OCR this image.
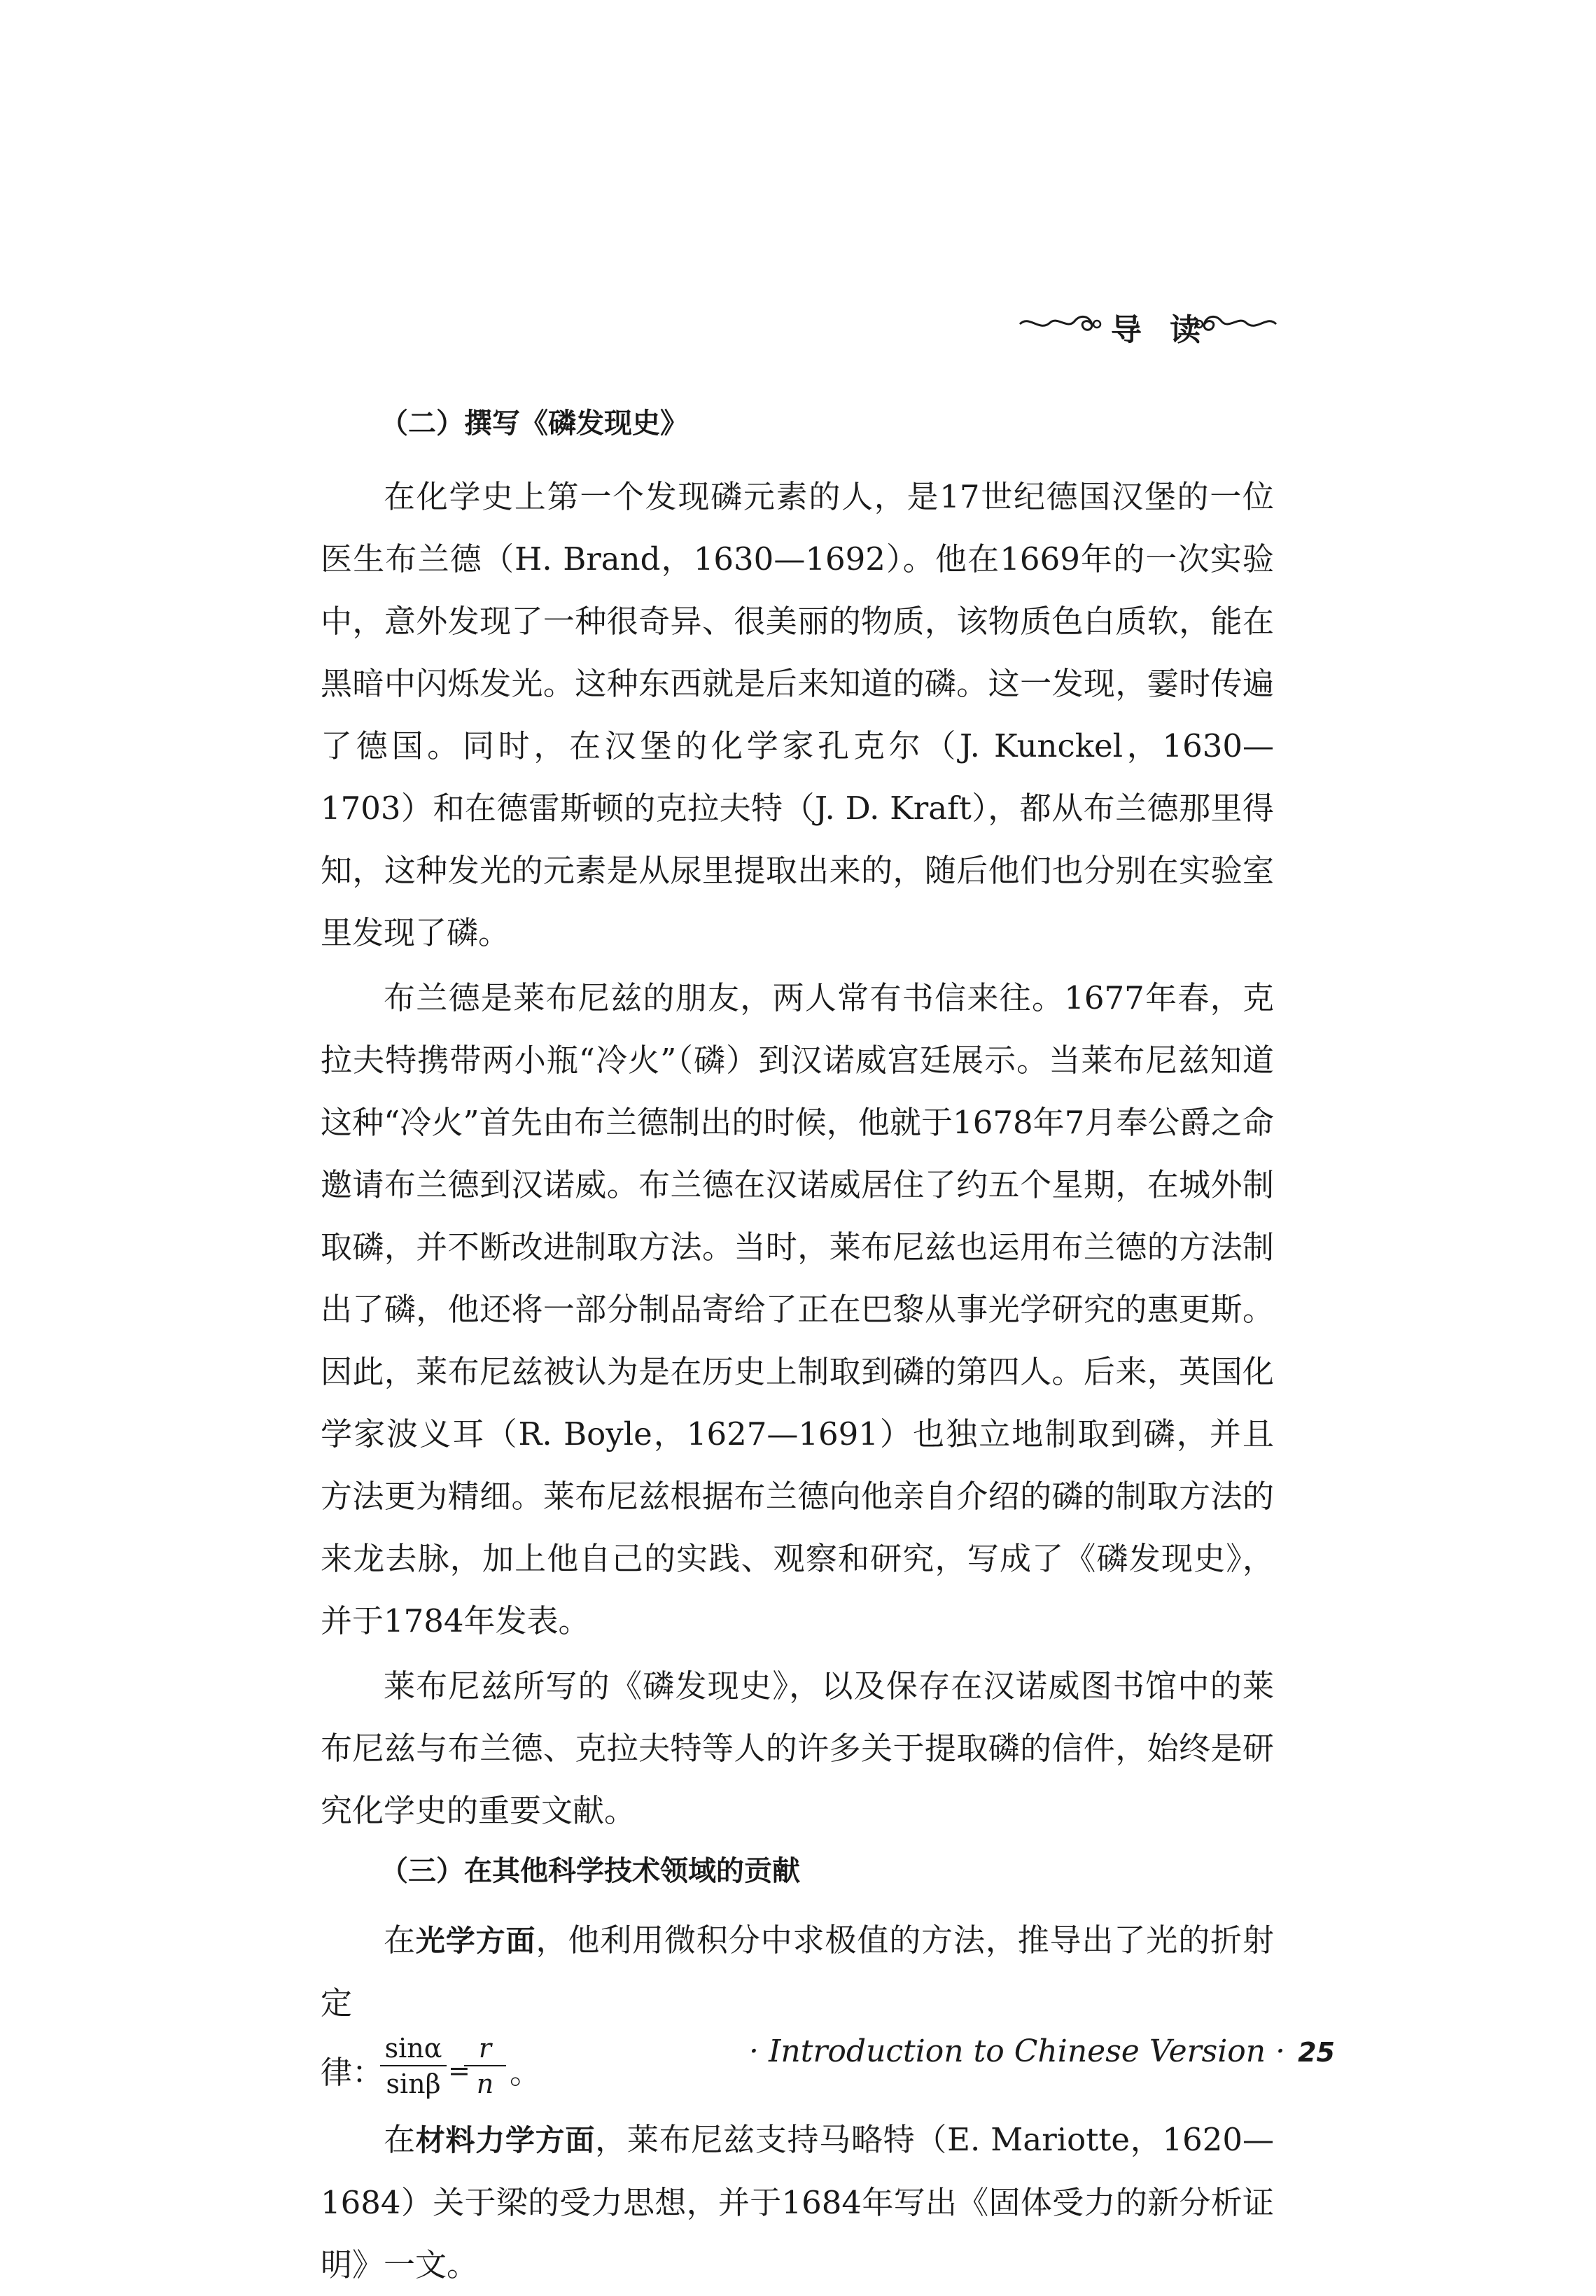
导读
（二）撰写《磷发现史》

在化学史上第一个发现磷元素的人，是17世纪德国汉堡的一位医生布兰德（H. Brand，1630—1692）。他在1669年的一次实验中，意外发现了一种很奇异、很美丽的物质，该物质色白质软，能在黑暗中闪烁发光。这种东西就是后来知道的磷。这一发现，霎时传遍了德国。同时，在汉堡的化学家孔克尔（J. Kunckel，1630—1703）和在德雷斯顿的克拉夫特（J. D. Kraft），都从布兰德那里得知，这种发光的元素是从尿里提取出来的，随后他们也分别在实验室里发现了磷。

布兰德是莱布尼兹的朋友，两人常有书信来往。1677年春，克拉夫特携带两小瓶“冷火”（磷）到汉诺威宫廷展示。当莱布尼兹知道这种“冷火”首先由布兰德制出的时候，他就于1678年7月奉公爵之命邀请布兰德到汉诺威。布兰德在汉诺威居住了约五个星期，在城外制取磷，并不断改进制取方法。当时，莱布尼兹也运用布兰德的方法制出了磷，他还将一部分制品寄给了正在巴黎从事光学研究的惠更斯。因此，莱布尼兹被认为是在历史上制取到磷的第四人。后来，英国化学家波义耳（R. Boyle，1627—1691）也独立地制取到磷，并且方法更为精细。莱布尼兹根据布兰德向他亲自介绍的磷的制取方法的来龙去脉，加上他自己的实践、观察和研究，写成了《磷发现史》，并于1784年发表。

莱布尼兹所写的《磷发现史》，以及保存在汉诺威图书馆中的莱布尼兹与布兰德、克拉夫特等人的许多关于提取磷的信件，始终是研究化学史的重要文献。

（三）在其他科学技术领域的贡献

在光学方面，他利用微积分中求极值的方法，推导出了光的折射定

律：
$\frac{\sin\alpha}{\sin\beta}$ =
$\frac{r}{n}$ 。

在材料力学方面，莱布尼兹支持马略特（E. Mariotte，1620—1684）关于梁的受力思想，并于1684年写出《固体受力的新分析证明》一文。

· Introduction to Chinese Version · 25
